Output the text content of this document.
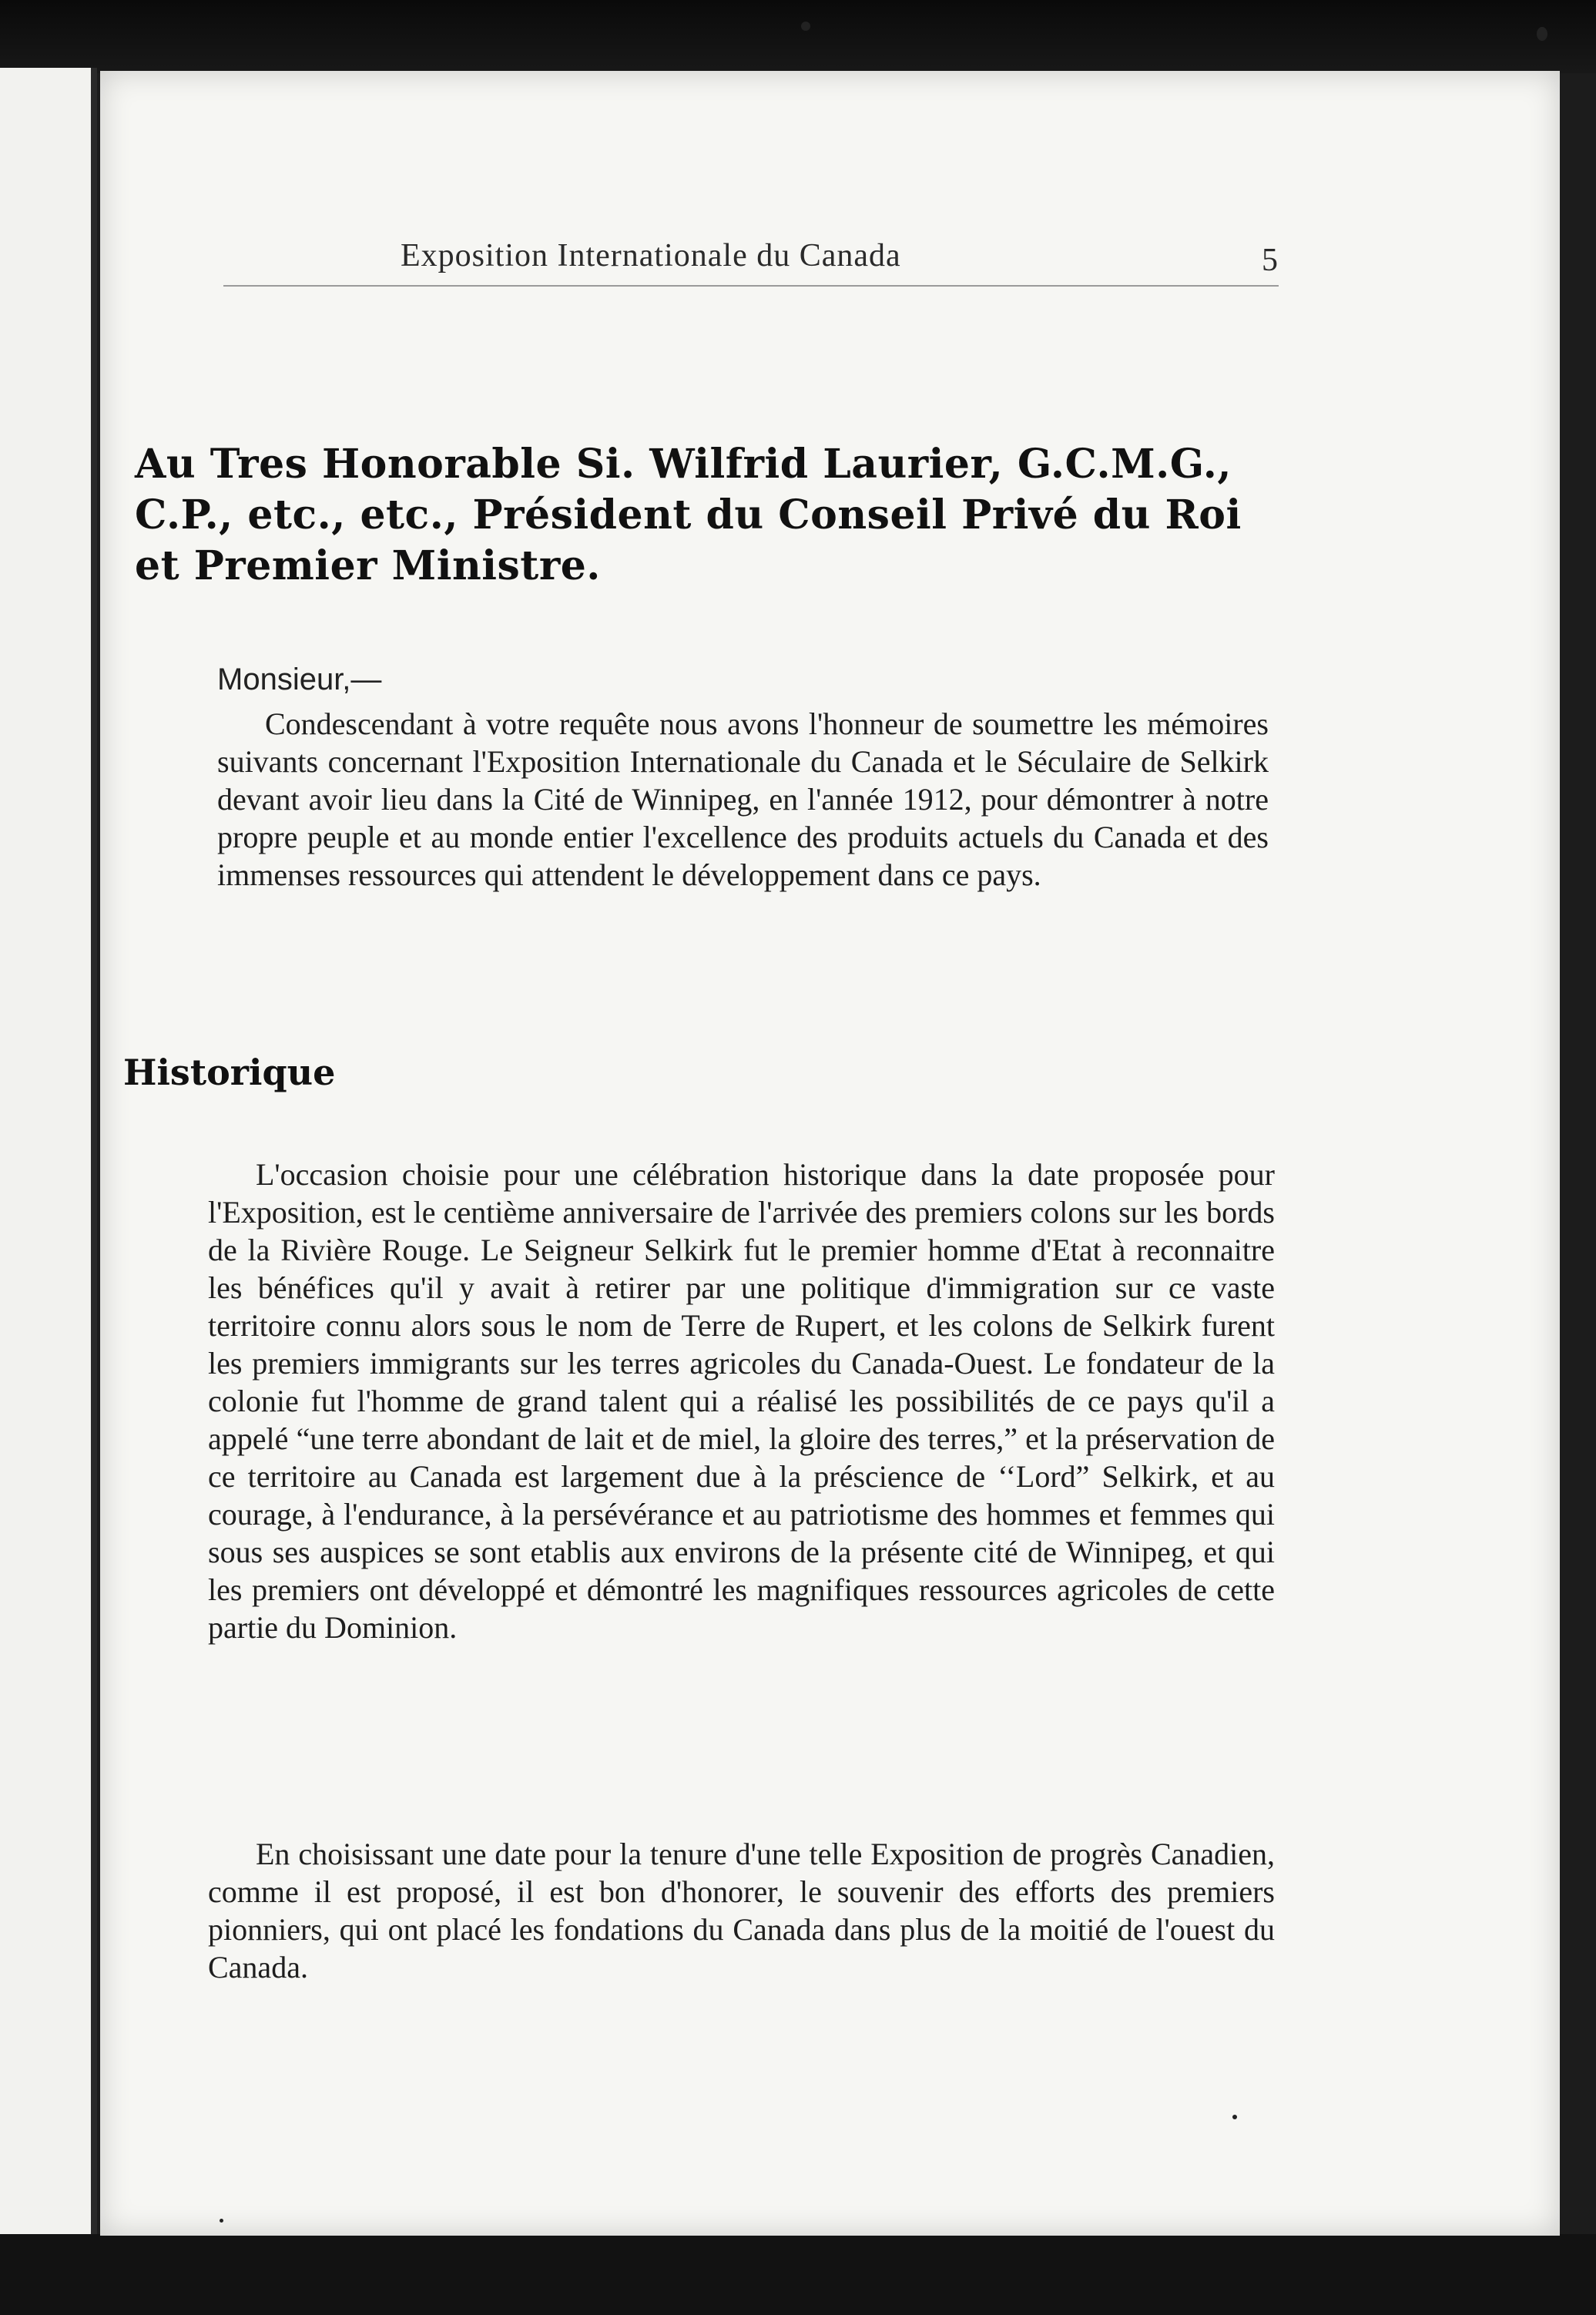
Exposition Internationale du Canada	5
Au Tres Honorable Si. Wilfrid Laurier, G.C.M.G.,
C.P., etc., etc., Président du Conseil Privé du Roi
et Premier Ministre.
Monsieur,—

Condescendant à votre requête nous avons l'honneur de soumettre les mémoires suivants concernant l'Exposition Internationale du Canada et le Séculaire de Selkirk devant avoir lieu dans la Cité de Winnipeg, en l'année 1912, pour démontrer à notre propre peuple et au monde entier l'excellence des produits actuels du Canada et des immenses ressources qui attendent le développement dans ce pays.

Historique

L'occasion choisie pour une célébration historique dans la date proposée pour l'Exposition, est le centième anniversaire de l'arrivée des premiers colons sur les bords de la Rivière Rouge. Le Seigneur Selkirk fut le premier homme d'Etat à reconnaitre les bénéfices qu'il y avait à retirer par une politique d'immigration sur ce vaste territoire connu alors sous le nom de Terre de Rupert, et les colons de Selkirk furent les premiers immigrants sur les terres agricoles du Canada-Ouest. Le fondateur de la colonie fut l'homme de grand talent qui a réalisé les possibilités de ce pays qu'il a appelé “une terre abondant de lait et de miel, la gloire des terres,” et la préservation de ce territoire au Canada est largement due à la préscience de ‘‘Lord” Selkirk, et au courage, à l'endurance, à la persévérance et au patriotisme des hommes et femmes qui sous ses auspices se sont etablis aux environs de la présente cité de Winnipeg, et qui les premiers ont développé et démontré les magnifiques ressources agricoles de cette partie du Dominion.

En choisissant une date pour la tenure d'une telle Exposition de progrès Canadien, comme il est proposé, il est bon d'honorer, le souvenir des efforts des premiers pionniers, qui ont placé les fondations du Canada dans plus de la moitié de l'ouest du Canada.
